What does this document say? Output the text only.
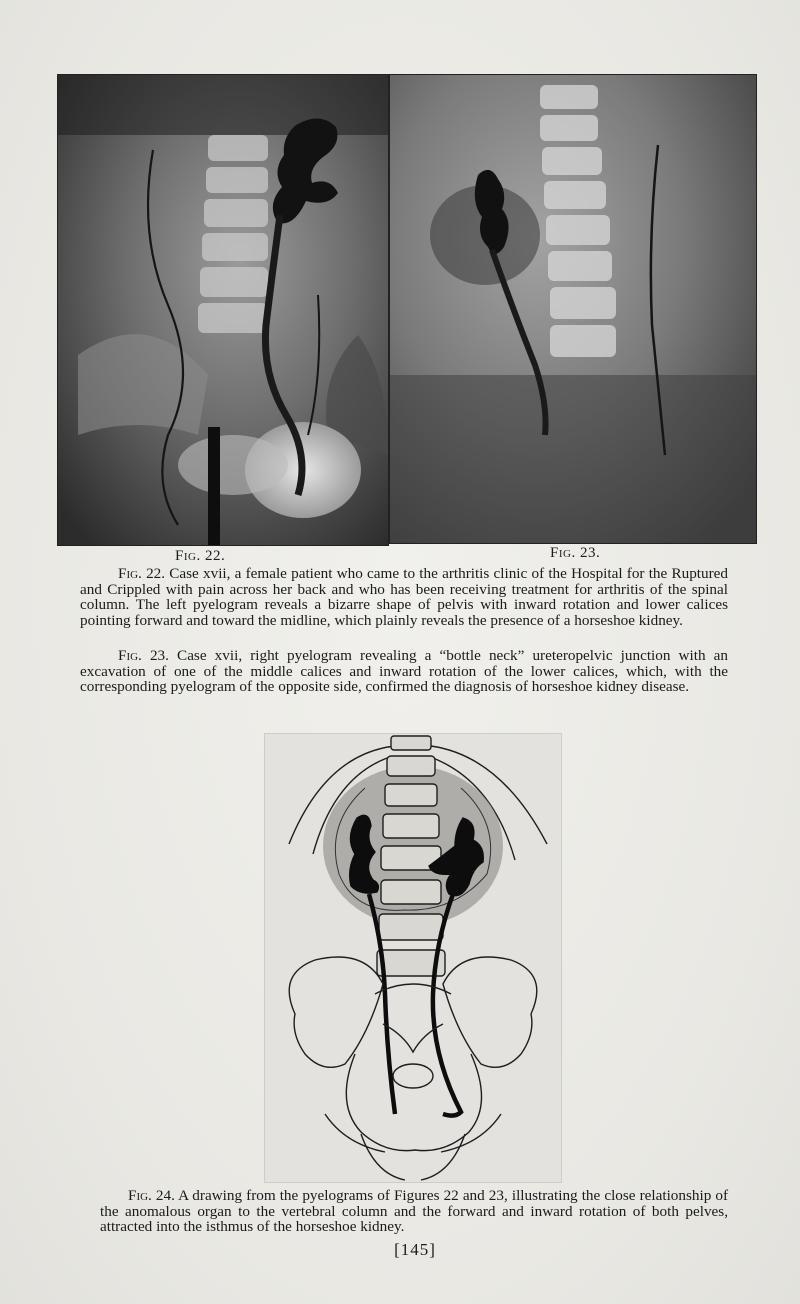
Fig. 22.	Fig. 23.

Fig. 22. Case xvii, a female patient who came to the arthritis clinic of the Hospital for the Ruptured and Crippled with pain across her back and who has been receiving treatment for arthritis of the spinal column. The left pyelogram reveals a bizarre shape of pelvis with inward rotation and lower calices pointing forward and toward the midline, which plainly reveals the presence of a horseshoe kidney.

Fig. 23. Case xvii, right pyelogram revealing a “bottle neck” ureteropelvic junction with an excavation of one of the middle calices and inward rotation of the lower calices, which, with the corresponding pyelogram of the opposite side, confirmed the diagnosis of horseshoe kidney disease.

Fig. 24. A drawing from the pyelograms of Figures 22 and 23, illustrating the close relationship of the anomalous organ to the vertebral column and the forward and inward rotation of both pelves, attracted into the isthmus of the horseshoe kidney.

[145]
